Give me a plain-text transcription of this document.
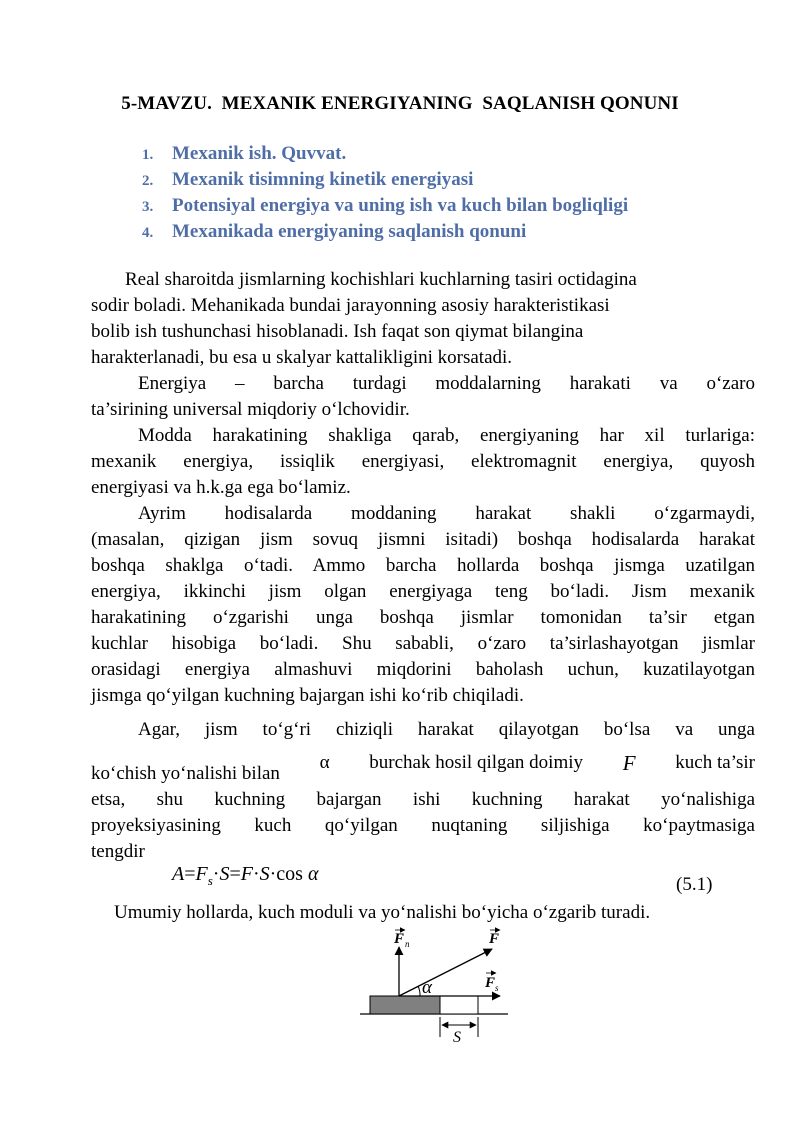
5-MAVZU.  MEXANIK ENERGIYANING  SAQLANISH QONUNI
1. Mexanik ish. Quvvat.
2. Mexanik tisimning kinetik energiyasi
3. Potensiyal energiya va uning ish va kuch bilan bogliqligi
4. Mexanikada energiyaning saqlanish qonuni
Real sharoitda jismlarning kochishlari kuchlarning tasiri octidagina
sodir boladi. Mehanikada bundai jarayonning asosiy harakteristikasi
bolib ish tushunchasi hisoblanadi. Ish faqat son qiymat bilangina
harakterlanadi, bu esa u skalyar kattalikligini korsatadi.
Energiya – barcha turdagi moddalarning harakati va o‘zaro
ta’sirining universal miqdoriy o‘lchovidir.
Modda harakatining shakliga qarab, energiyaning har xil turlariga:
mexanik energiya, issiqlik energiyasi, elektromagnit energiya, quyosh
energiyasi va h.k.ga ega bo‘lamiz.
Ayrim hodisalarda moddaning harakat shakli o‘zgarmaydi,
(masalan, qizigan jism sovuq jismni isitadi) boshqa hodisalarda harakat
boshqa shaklga o‘tadi. Ammo barcha hollarda boshqa jismga uzatilgan
energiya, ikkinchi jism olgan energiyaga teng bo‘ladi. Jism mexanik
harakatining o‘zgarishi unga boshqa jismlar tomonidan ta’sir etgan
kuchlar hisobiga bo‘ladi. Shu sababli, o‘zaro ta’sirlashayotgan jismlar
orasidagi energiya almashuvi miqdorini baholash uchun, kuzatilayotgan
jismga qo‘yilgan kuchning bajargan ishi ko‘rib chiqiladi.
Agar, jism to‘g‘ri chiziqli harakat qilayotgan bo‘lsa va unga
ko‘chish yo‘nalishi bilan
α burchak hosil qilgan doimiy F kuch ta’sir
etsa, shu kuchning bajargan ishi kuchning harakat yo‘nalishiga
proyeksiyasining kuch qo‘yilgan nuqtaning siljishiga ko‘paytmasiga
tengdir
$A=F_s\cdot S=F\cdot S\cdot\cos$ α	(5.1)
Umumiy hollarda, kuch moduli va yo‘nalishi bo‘yicha o‘zgarib turadi.
F n	F
F s
α
S
